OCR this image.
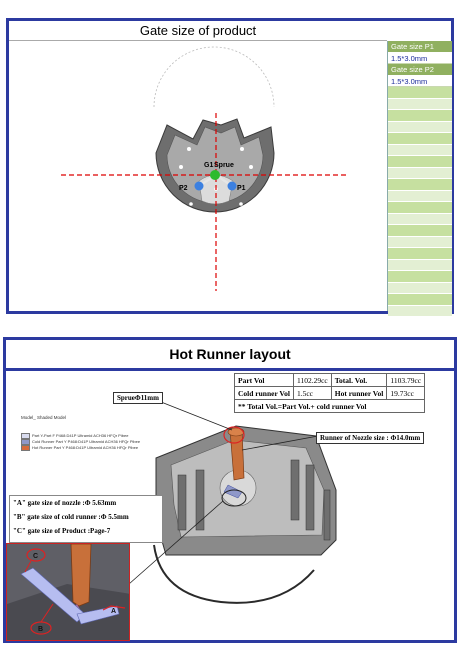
Gate size of product
G1 Sprue
P2	P1
Gate size P1
1.5*3.0mm
Gate size P2
1.5*3.0mm
Hot Runner layout
Part Vol	1102.29cc	Total. Vol.	1103.79cc
Cold runner Vol	1.5cc	Hot runner Vol	19.73cc
** Total Vol.=Part Vol.+ cold runner Vol			
SprueΦ11mm
Runner of Nozzle size : Φ14.0mm
Model_ Shaded Model
Part Y-Part F P468:D41P Ultramid ACH36 HFQr Pibee
Cold Runner Part Y P468:D41P Ultramid ACH36 HFQr Pibee
Hot Runner Part Y P468:D41P Ultramid ACH36 HFQr Pibee
"A" gate size of nozzle :Φ 5.63mm
"B" gate size of cold runner :Φ 5.5mm
"C" gate size of Product :Page-7
C
B
A
